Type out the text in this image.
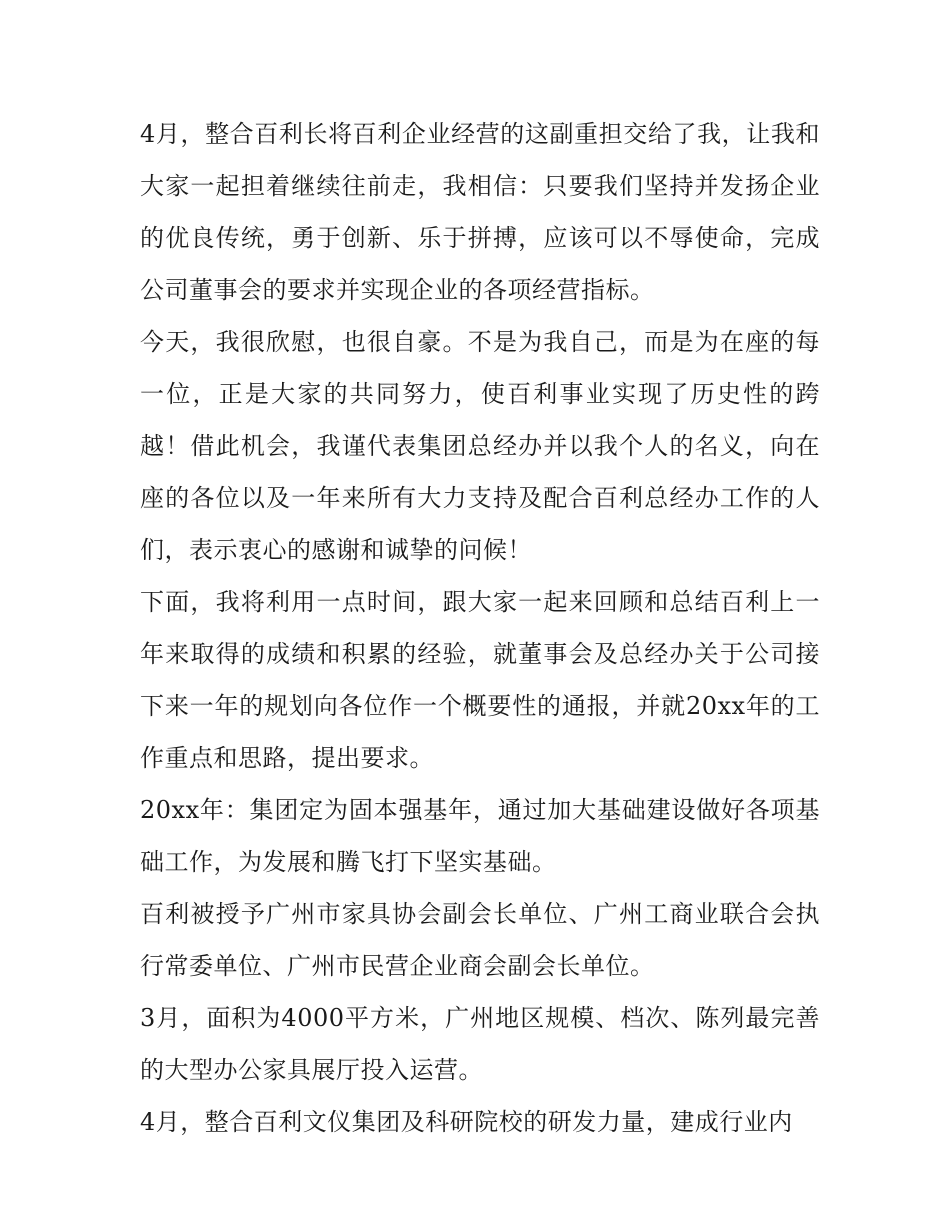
4月，整合百利长将百利企业经营的这副重担交给了我，让我和大家一起担着继续往前走，我相信：只要我们坚持并发扬企业的优良传统，勇于创新、乐于拼搏，应该可以不辱使命，完成公司董事会的要求并实现企业的各项经营指标。

今天，我很欣慰，也很自豪。不是为我自己，而是为在座的每一位，正是大家的共同努力，使百利事业实现了历史性的跨越！借此机会，我谨代表集团总经办并以我个人的名义，向在座的各位以及一年来所有大力支持及配合百利总经办工作的人们，表示衷心的感谢和诚挚的问候！

下面，我将利用一点时间，跟大家一起来回顾和总结百利上一年来取得的成绩和积累的经验，就董事会及总经办关于公司接下来一年的规划向各位作一个概要性的通报，并就20xx年的工作重点和思路，提出要求。

20xx年：集团定为固本强基年，通过加大基础建设做好各项基础工作，为发展和腾飞打下坚实基础。

百利被授予广州市家具协会副会长单位、广州工商业联合会执行常委单位、广州市民营企业商会副会长单位。

3月，面积为4000平方米，广州地区规模、档次、陈列最完善的大型办公家具展厅投入运营。

4月，整合百利文仪集团及科研院校的研发力量，建成行业内
